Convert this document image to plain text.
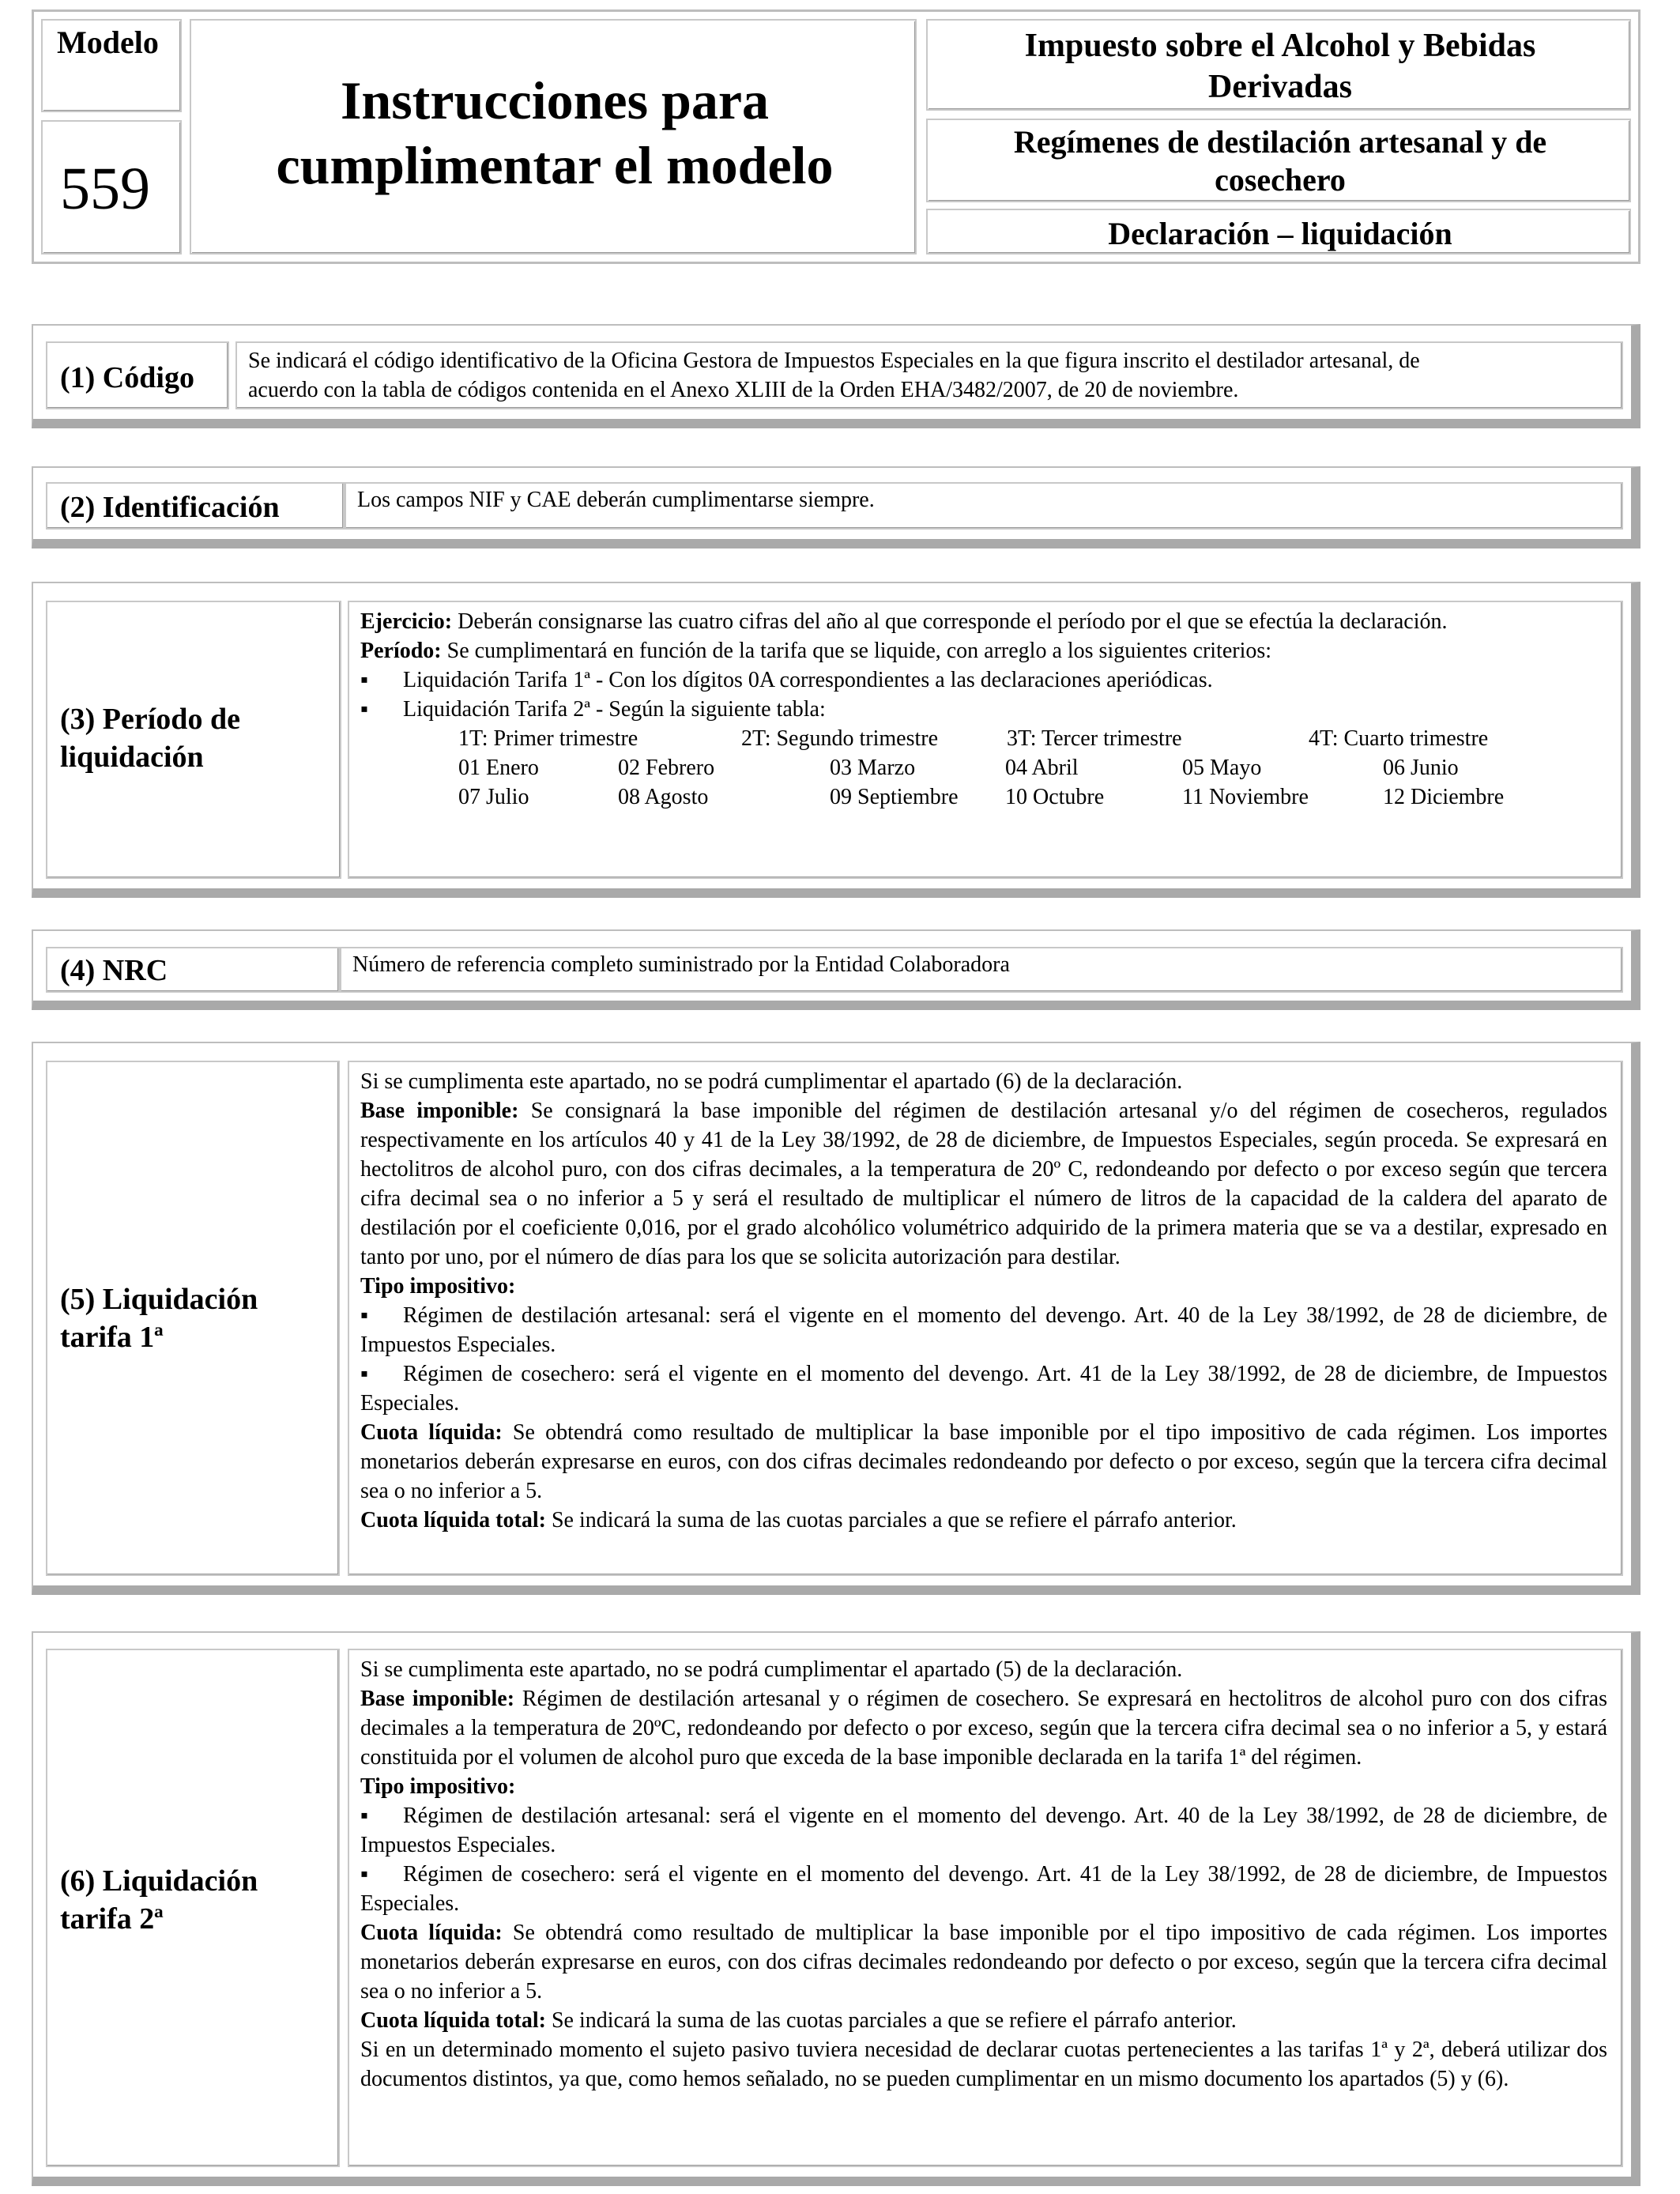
Modelo
559
Instrucciones para
cumplimentar el modelo
Impuesto sobre el Alcohol y Bebidas
Derivadas
Regímenes de destilación artesanal y de
cosechero
Declaración – liquidación
(1) Código
Se indicará el código identificativo de la Oficina Gestora de Impuestos Especiales en la que figura inscrito el destilador artesanal, de
acuerdo con la tabla de códigos contenida en el Anexo XLIII de la Orden EHA/3482/2007, de 20 de noviembre.
(2) Identificación	Los campos NIF y CAE deberán cumplimentarse siempre.
(3) Período de
liquidación

Ejercicio: Deberán consignarse las cuatro cifras del año al que corresponde el período por el que se efectúa la declaración.

Período: Se cumplimentará en función de la tarifa que se liquide, con arreglo a los siguientes criterios:

▪ Liquidación Tarifa 1ª - Con los dígitos 0A correspondientes a las declaraciones aperiódicas.

▪ Liquidación Tarifa 2ª - Según la siguiente tabla:

1T: Primer trimestre	2T: Segundo trimestre	3T: Tercer trimestre	4T: Cuarto trimestre
01 Enero	02 Febrero	03 Marzo	04 Abril	05 Mayo	06 Junio
07 Julio	08 Agosto	09 Septiembre 10 Octubre	11 Noviembre	12 Diciembre
(4) NRC	Número de referencia completo suministrado por la Entidad Colaboradora
(5) Liquidación
tarifa 1ª

Si se cumplimenta este apartado, no se podrá cumplimentar el apartado (6) de la declaración.

Base imponible: Se consignará la base imponible del régimen de destilación artesanal y/o del régimen de cosecheros, regulados respectivamente en los artículos 40 y 41 de la Ley 38/1992, de 28 de diciembre, de Impuestos Especiales, según proceda. Se expresará en hectolitros de alcohol puro, con dos cifras decimales, a la temperatura de 20º C, redondeando por defecto o por exceso según que tercera cifra decimal sea o no inferior a 5 y será el resultado de multiplicar el número de litros de la capacidad de la caldera del aparato de destilación por el coeficiente 0,016, por el grado alcohólico volumétrico adquirido de la primera materia que se va a destilar, expresado en tanto por uno, por el número de días para los que se solicita autorización para destilar.

Tipo impositivo:

▪ Régimen de destilación artesanal: será el vigente en el momento del devengo. Art. 40 de la Ley 38/1992, de 28 de diciembre, de Impuestos Especiales.

▪ Régimen de cosechero: será el vigente en el momento del devengo. Art. 41 de la Ley 38/1992, de 28 de diciembre, de Impuestos Especiales.

Cuota líquida: Se obtendrá como resultado de multiplicar la base imponible por el tipo impositivo de cada régimen. Los importes monetarios deberán expresarse en euros, con dos cifras decimales redondeando por defecto o por exceso, según que la tercera cifra decimal sea o no inferior a 5.

Cuota líquida total: Se indicará la suma de las cuotas parciales a que se refiere el párrafo anterior.

(6) Liquidación
tarifa 2ª

Si se cumplimenta este apartado, no se podrá cumplimentar el apartado (5) de la declaración.

Base imponible: Régimen de destilación artesanal y o régimen de cosechero. Se expresará en hectolitros de alcohol puro con dos cifras decimales a la temperatura de 20ºC, redondeando por defecto o por exceso, según que la tercera cifra decimal sea o no inferior a 5, y estará constituida por el volumen de alcohol puro que exceda de la base imponible declarada en la tarifa 1ª del régimen.

Tipo impositivo:

▪ Régimen de destilación artesanal: será el vigente en el momento del devengo. Art. 40 de la Ley 38/1992, de 28 de diciembre, de Impuestos Especiales.

▪ Régimen de cosechero: será el vigente en el momento del devengo. Art. 41 de la Ley 38/1992, de 28 de diciembre, de Impuestos Especiales.

Cuota líquida: Se obtendrá como resultado de multiplicar la base imponible por el tipo impositivo de cada régimen. Los importes monetarios deberán expresarse en euros, con dos cifras decimales redondeando por defecto o por exceso, según que la tercera cifra decimal sea o no inferior a 5.

Cuota líquida total: Se indicará la suma de las cuotas parciales a que se refiere el párrafo anterior.

Si en un determinado momento el sujeto pasivo tuviera necesidad de declarar cuotas pertenecientes a las tarifas 1ª y 2ª, deberá utilizar dos documentos distintos, ya que, como hemos señalado, no se pueden cumplimentar en un mismo documento los apartados (5) y (6).
